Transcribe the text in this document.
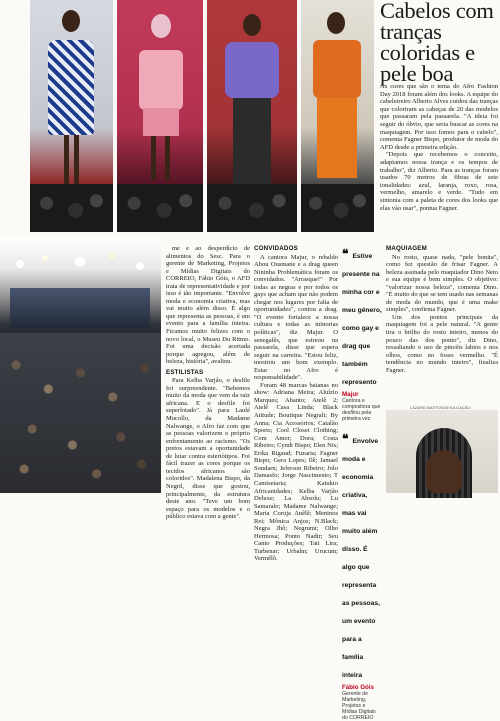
Cabelos com tranças coloridas e pele boa

As cores que são o tema do Afro Fashion Day 2018 foram além dos looks. A equipe do cabeleireiro Alberto Alves cuidou das tranças que coloriram as cabeças de 20 das modelos que passaram pela passarela. "A ideia foi seguir do óbvio, que seria buscar as cores na maquiagem. Por isso fomos para o cabelo", comenta Fagner Bispo, produtor de moda do AFD desde a primeira edição.

"Depois que recebemos o conceito, adaptamos nossa trança e os tempos de trabalho", diz Alberto. Para as tranças foram usados 70 metros de fibras de sete tonalidades: azul, laranja, roxo, rosa, vermelho, amarelo e verde. "Tudo em sintonia com a paleta de cores dos looks que elas vão usar", pontua Fagner.

me e ao desperdício de alimentos do Sesc. Para o gerente de Marketing, Projetos e Mídias Digitais do CORREIO, Fábio Góis, o AFD trata de representatividade e por isso é tão importante. "Envolve moda e economia criativa, mas vai muito além disso. É algo que representa as pessoas, é um evento para a família inteira. Ficamos muito felizes com o novo local, o Museu Du Ritmo. Foi uma decisão acertada porque agregou, além de beleza, história", avaliou.

ESTILISTAS

Para Kelba Varjão, o desfile foi surpreendente. "Bebemos muito da moda que vem da raiz africana. E o desfile foi superlotado". Já para Laulé Mucollo, da Madame Nalwange, o Afro faz com que as pessoas valorizem o próprio enfrentamento ao racismo. "Os pretos estavam a oportunidade de lutar contra esteriótipos. Foi fácil trazer as cores porque os tecidos africanos são coloridos". Madalena Bispo, da Negril, disse que gostou, principalmente, da estrutura deste ano. "Teve um bom espaço para os modelos e o público estava com a gente".

CONVIDADOS

A cantora Majur, o rebaldo Abou Ousmane e a drag queen Nininha Problemática foram os convidados. "Arrasque!" Por todas as negras e por todos os gays que acham que não podem chegar nos lugares por falta de oportunidades", contou a drag. "O evento fortalece a nossa cultura e todas as minorias políticas", diz Majur. O senegalês, que estreou na passarela, disse que espera seguir na carreira. "Estou feliz, mostrou um bom exemplo. Estar no Afro é responsabilidade".

Foram 48 marcas baianas no show: Adriana Meira; Aluízio Marques; Abanto; Atelê 2; Atelê Casa Linda; Black Atitude; Boutique Negrali; By Anna; Cia Acessórios; Catalão Sports; Cool Closet Clothing; Com Amor; Dora; Costa Ribeiro; Cyndi Bispo; Elen Nis; Erika Rigaud; Fuzaria; Fagner Bispo; Gera Lopes; Ilê; Jamael Sondarn; Jeferson Ribeiro; Jolo Damasfo; Jorge Nascimento; T Camisetaria; Katukio Africanidades; Kelba Varjão Deluxe; La Absolu; Lu Samaralo; Madame Nalwange; Maria Coruja Anêlê; Meninos Rei; Mônica Anjos; N.Black; Negra Jhô; Negrumi; Olho Hermosa; Ponto Nadir; Seu Canto Produções; Tati Lira; Turbenar; Urbahn; Urucum; Vermêlô.

❝ Estive presente na minha cor e meu gênero, como gay e drag que também represento
Majur
Cantora e compositora que desfilou pela primeira vez
❝ Envolve moda e economia criativa, mas vai muito além disso. É algo que representa as pessoas, um evento para a família inteira
Fábio Góis
Gerente de Marketing, Projetos e Mídias Digitais do CORREIO
MAQUIAGEM

No rosto, quase nada, "pele bonita", como fez questão de frisar Fagner. A beleza assinada pelo maquiador Dino Neto e sua equipe é bem simples. O objetivo: "valorizar nossa beleza", comenta Dino. "É muito do que se tem usado nas semanas de moda do mundo, que é uma make simples", confirma Fagner.

Um dos pontos principais da maquiagem foi a pele natural. "A gente tira o brilho do rosto inteiro, menos do pouco das dos ponto", diz Dino, ressaltando o uso de pincéis labios e nos olhos, como no fosso vermelho. "É tendência no mundo inteiro", finaliza Fagner.

LÁZARO BASTOS/DIVULGAÇÃO
